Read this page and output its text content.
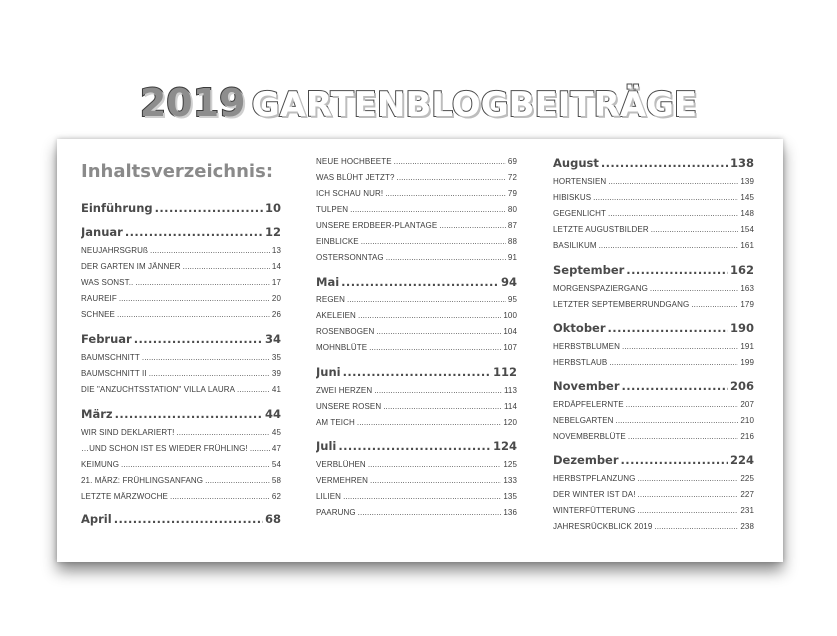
2019 GARTENBLOGBEITRÄGE
Inhaltsverzeichnis:
Einführung .....	10
Januar .....	12
NEUJAHRSGRUß .....	13
DER GARTEN IM JÄNNER .....	14
WAS SONST.. .....	17
RAUREIF .....	20
SCHNEE .....	26
Februar .....	34
BAUMSCHNITT .....	35
BAUMSCHNITT II .....	39
DIE "ANZUCHTSSTATION" VILLA LAURA .....	41
März .....	44
WIR SIND DEKLARIERT! .....	45
…UND SCHON IST ES WIEDER FRÜHLING! .....	47
KEIMUNG .....	54
21. MÄRZ: FRÜHLINGSANFANG .....	58
LETZTE MÄRZWOCHE .....	62
April .....	68
NEUE HOCHBEETE .....	69
WAS BLÜHT JETZT? .....	72
ICH SCHAU NUR! .....	79
TULPEN .....	80
UNSERE ERDBEER-PLANTAGE .....	87
EINBLICKE .....	88
OSTERSONNTAG .....	91
Mai .....	94
REGEN .....	95
AKELEIEN .....	100
ROSENBOGEN .....	104
MOHNBLÜTE .....	107
Juni .....	112
ZWEI HERZEN .....	113
UNSERE ROSEN .....	114
AM TEICH .....	120
Juli .....	124
VERBLÜHEN .....	125
VERMEHREN .....	133
LILIEN .....	135
PAARUNG .....	136
August .....	138
HORTENSIEN .....	139
HIBISKUS .....	145
GEGENLICHT .....	148
LETZTE AUGUSTBILDER .....	154
BASILIKUM .....	161
September .....	162
MORGENSPAZIERGANG .....	163
LETZTER SEPTEMBERRUNDGANG .....	179
Oktober .....	190
HERBSTBLUMEN .....	191
HERBSTLAUB .....	199
November .....	206
ERDÄPFELERNTE .....	207
NEBELGARTEN .....	210
NOVEMBERBLÜTE .....	216
Dezember .....	224
HERBSTPFLANZUNG .....	225
DER WINTER IST DA! .....	227
WINTERFÜTTERUNG .....	231
JAHRESRÜCKBLICK 2019 .....	238
